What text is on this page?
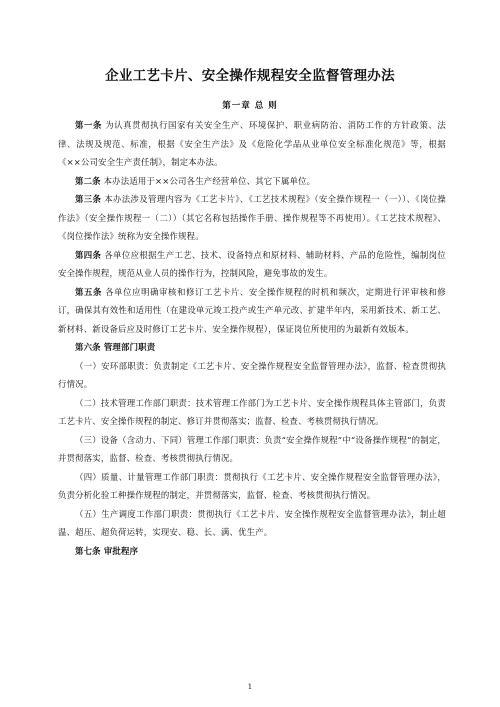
企业工艺卡片、安全操作规程安全监督管理办法
第一章 总 则

第一条 为认真贯彻执行国家有关安全生产、环境保护、职业病防治、消防工作的方针政策、法律、法规及规范、标准，根据《安全生产法》及《危险化学品从业单位安全标准化规范》等，根据《××公司安全生产责任制》，制定本办法。

第二条 本办法适用于××公司各生产经营单位、其它下属单位。

第三条 本办法涉及管理内容为《工艺卡片》、《工艺技术规程》（安全操作规程一（一））、《岗位操作法》（安全操作规程一（二））（其它名称包括操作手册、操作规程等不再使用）。《工艺技术规程》、《岗位操作法》统称为安全操作规程。

第四条 各单位应根据生产工艺、技术、设备特点和原材料、辅助材料、产品的危险性，编制岗位安全操作规程，规范从业人员的操作行为，控制风险，避免事故的发生。

第五条 各单位应明确审核和修订工艺卡片、安全操作规程的时机和频次，定期进行评审核和修订，确保其有效性和适用性（在建设单元竣工投产或生产单元改、扩建半年内，采用新技术、新工艺、新材料、新设备后应及时修订工艺卡片、安全操作规程），保证岗位所使用的为最新有效版本。

第六条 管理部门职责

（一）安环部职责：负责制定《工艺卡片、安全操作规程安全监督管理办法》，监督、检查贯彻执行情况。

（二）技术管理工作部门职责：技术管理工作部门为工艺卡片、安全操作规程具体主管部门，负责工艺卡片、安全操作规程的制定、修订并贯彻落实；监督、检查、考核贯彻执行情况。

（三）设备（含动力、下同）管理工作部门职责：负责“安全操作规程”中“设备操作规程”的制定，并贯彻落实，监督、检查、考核贯彻执行情况。

（四）质量、计量管理工作部门职责：贯彻执行《工艺卡片、安全操作规程安全监督管理办法》，负责分析化验工种操作规程的制定，并贯彻落实，监督、检查、考核贯彻执行情况。

（五）生产调度工作部门职责：贯彻执行《工艺卡片、安全操作规程安全监督管理办法》，制止超温、超压、超负荷运转，实现安、稳、长、满、优生产。

第七条 审批程序

1
